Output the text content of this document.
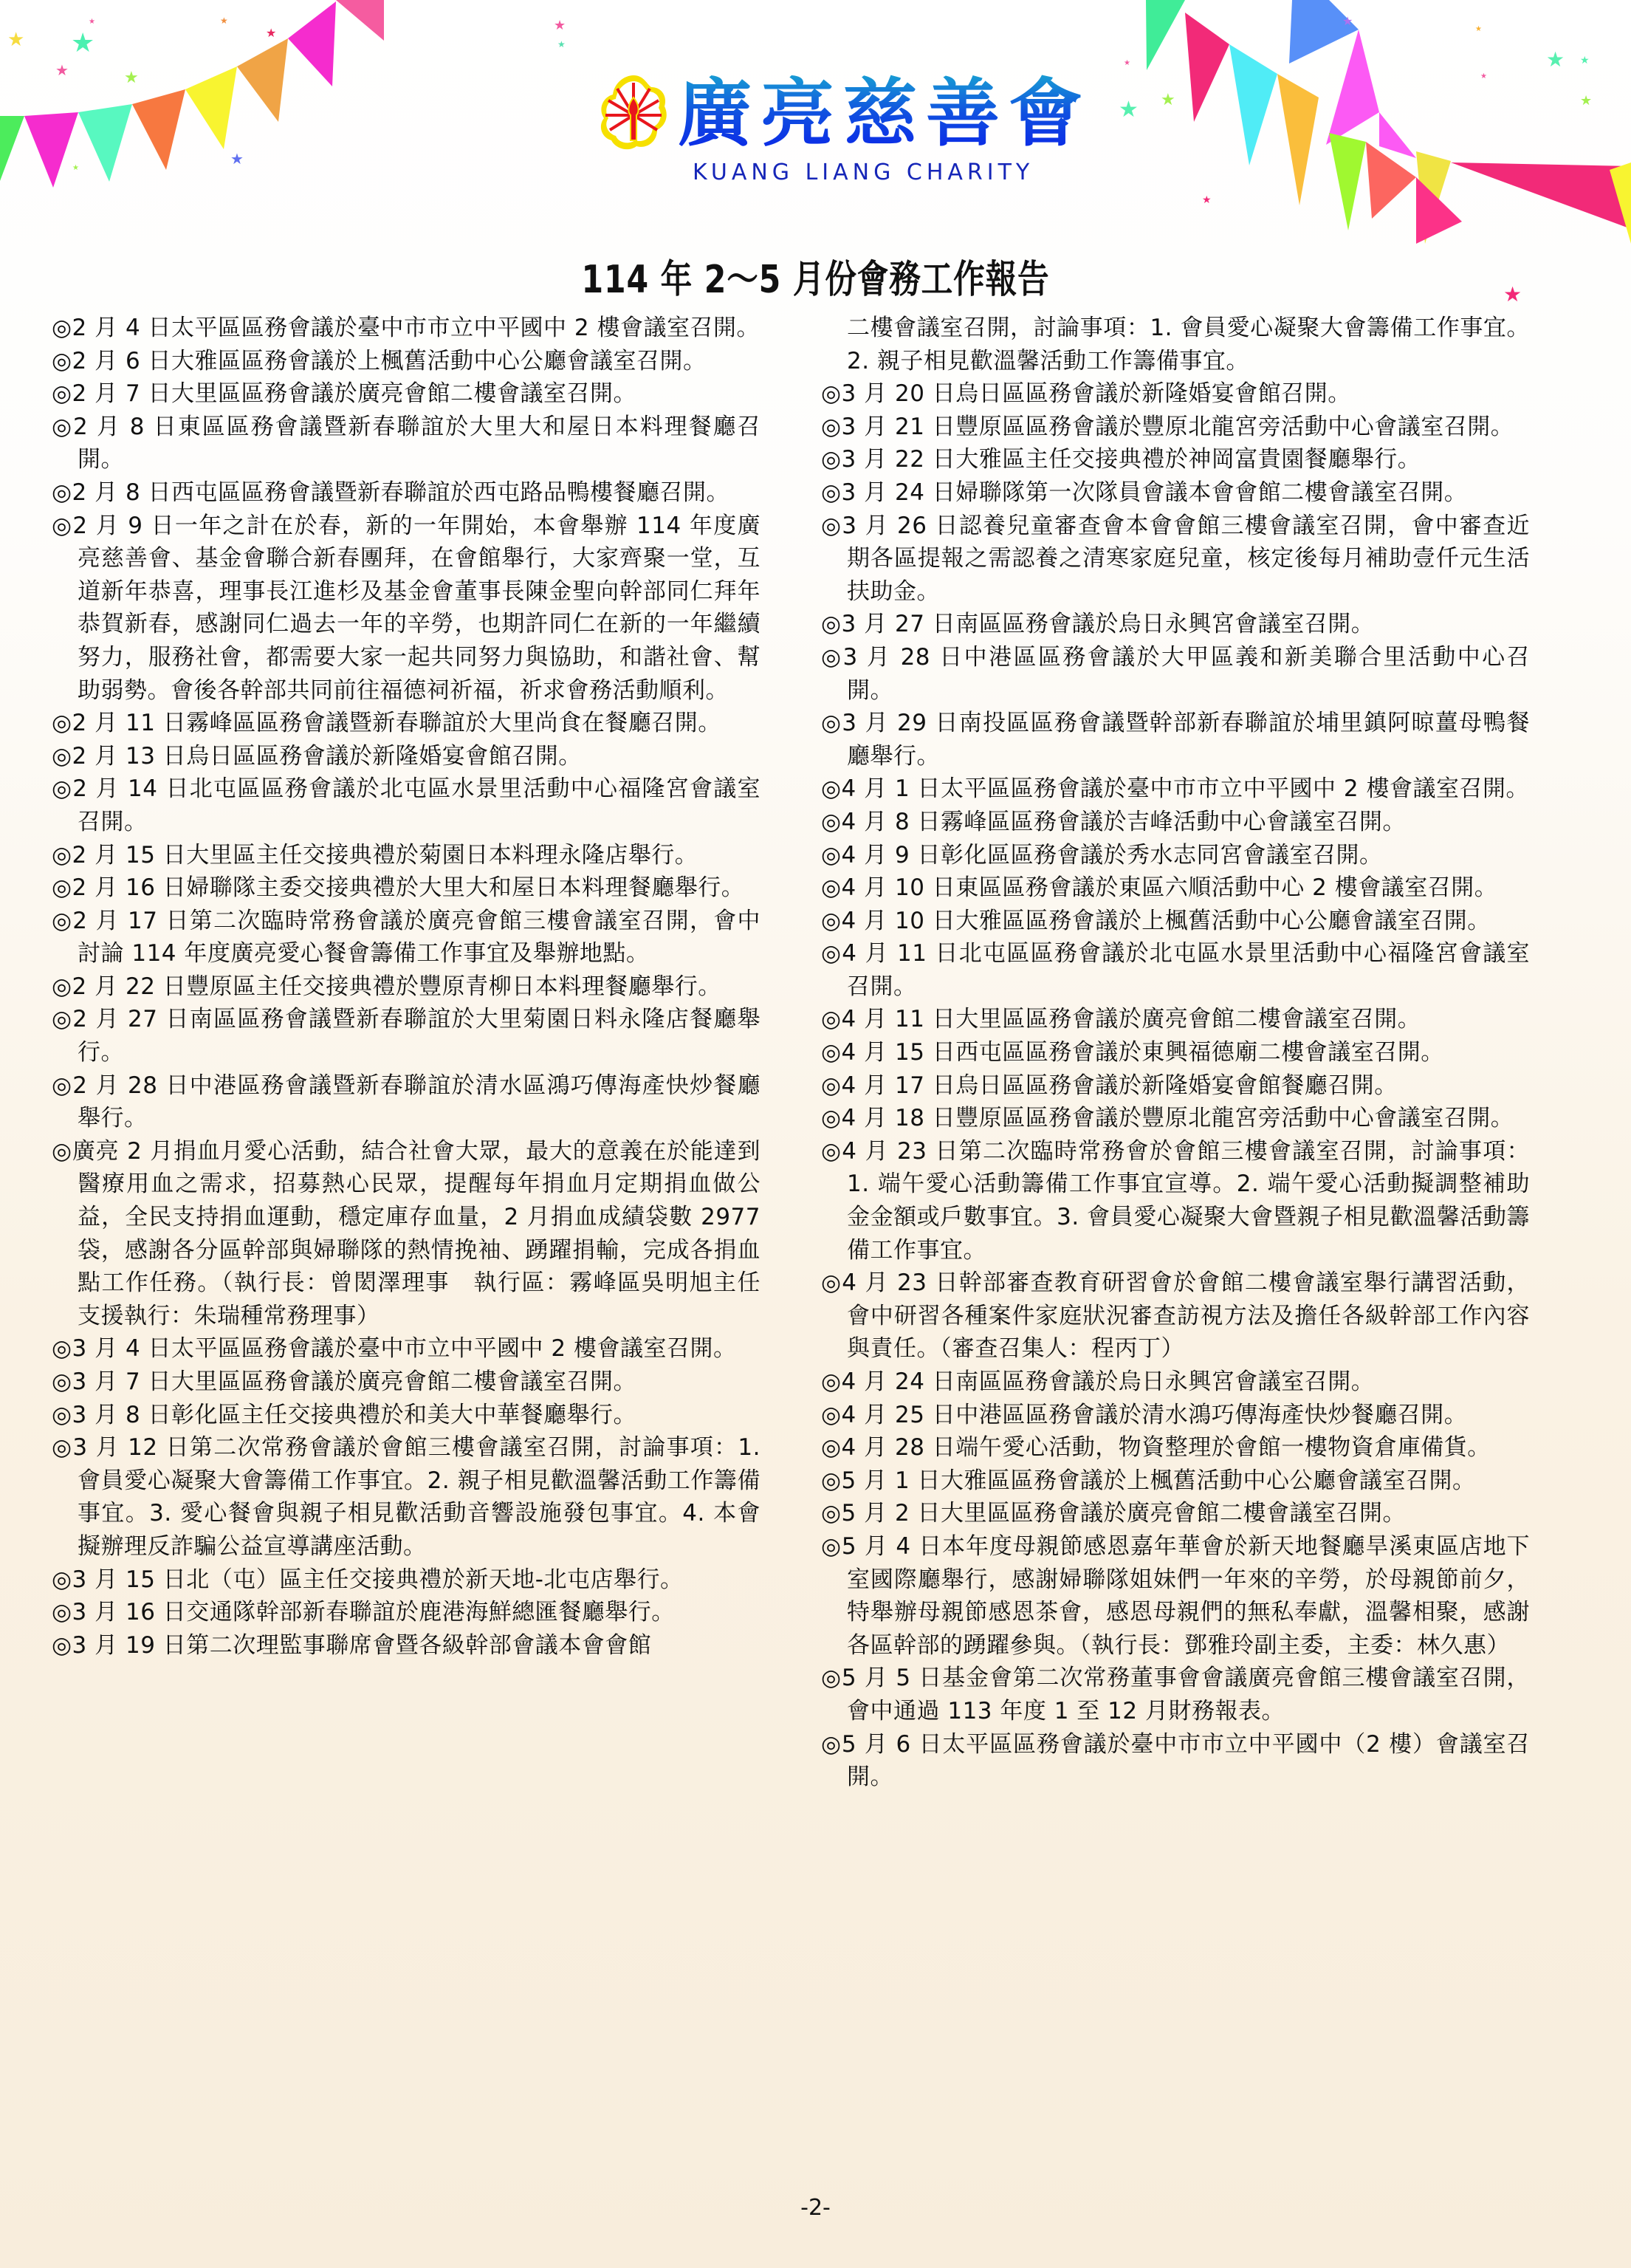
★ ★
★	★
★	★
★
★
★
★
★
★ ★
★
★
★
★ ★
★
★
★
★
廣亮慈善會
KUANG LIANG CHARITY
114 年 2～5 月份會務工作報告
◎2 月 4 日太平區區務會議於臺中市市立中平國中 2 樓會議室召開。
◎2 月 6 日大雅區區務會議於上楓舊活動中心公廳會議室召開。
◎2 月 7 日大里區區務會議於廣亮會館二樓會議室召開。
◎2 月 8 日東區區務會議暨新春聯誼於大里大和屋日本料理餐廳召開。
◎2 月 8 日西屯區區務會議暨新春聯誼於西屯路品鴨樓餐廳召開。
◎2 月 9 日一年之計在於春，新的一年開始，本會舉辦 114 年度廣亮慈善會、基金會聯合新春團拜，在會館舉行，大家齊聚一堂，互道新年恭喜，理事長江進杉及基金會董事長陳金聖向幹部同仁拜年恭賀新春，感謝同仁過去一年的辛勞，也期許同仁在新的一年繼續努力，服務社會，都需要大家一起共同努力與協助，和諧社會、幫助弱勢。會後各幹部共同前往福德祠祈福，祈求會務活動順利。
◎2 月 11 日霧峰區區務會議暨新春聯誼於大里尚食在餐廳召開。
◎2 月 13 日烏日區區務會議於新隆婚宴會館召開。
◎2 月 14 日北屯區區務會議於北屯區水景里活動中心福隆宮會議室召開。
◎2 月 15 日大里區主任交接典禮於菊園日本料理永隆店舉行。
◎2 月 16 日婦聯隊主委交接典禮於大里大和屋日本料理餐廳舉行。
◎2 月 17 日第二次臨時常務會議於廣亮會館三樓會議室召開，會中討論 114 年度廣亮愛心餐會籌備工作事宜及舉辦地點。
◎2 月 22 日豐原區主任交接典禮於豐原青柳日本料理餐廳舉行。
◎2 月 27 日南區區務會議暨新春聯誼於大里菊園日料永隆店餐廳舉行。
◎2 月 28 日中港區務會議暨新春聯誼於清水區鴻巧傳海產快炒餐廳舉行。
◎廣亮 2 月捐血月愛心活動，結合社會大眾，最大的意義在於能達到醫療用血之需求，招募熱心民眾，提醒每年捐血月定期捐血做公益，全民支持捐血運動，穩定庫存血量，2 月捐血成績袋數 2977 袋，感謝各分區幹部與婦聯隊的熱情挽袖、踴躍捐輸，完成各捐血點工作任務。（執行長：曾閎澤理事　執行區：霧峰區吳明旭主任　支援執行：朱瑞種常務理事）
◎3 月 4 日太平區區務會議於臺中市立中平國中 2 樓會議室召開。
◎3 月 7 日大里區區務會議於廣亮會館二樓會議室召開。
◎3 月 8 日彰化區主任交接典禮於和美大中華餐廳舉行。
◎3 月 12 日第二次常務會議於會館三樓會議室召開，討論事項：1. 會員愛心凝聚大會籌備工作事宜。2. 親子相見歡溫馨活動工作籌備事宜。3. 愛心餐會與親子相見歡活動音響設施發包事宜。4. 本會擬辦理反詐騙公益宣導講座活動。
◎3 月 15 日北（屯）區主任交接典禮於新天地-北屯店舉行。
◎3 月 16 日交通隊幹部新春聯誼於鹿港海鮮總匯餐廳舉行。
◎3 月 19 日第二次理監事聯席會暨各級幹部會議本會會館
二樓會議室召開，討論事項：1. 會員愛心凝聚大會籌備工作事宜。2. 親子相見歡溫馨活動工作籌備事宜。
◎3 月 20 日烏日區區務會議於新隆婚宴會館召開。
◎3 月 21 日豐原區區務會議於豐原北龍宮旁活動中心會議室召開。
◎3 月 22 日大雅區主任交接典禮於神岡富貴園餐廳舉行。
◎3 月 24 日婦聯隊第一次隊員會議本會會館二樓會議室召開。
◎3 月 26 日認養兒童審查會本會會館三樓會議室召開，會中審查近期各區提報之需認養之清寒家庭兒童，核定後每月補助壹仟元生活扶助金。
◎3 月 27 日南區區務會議於烏日永興宮會議室召開。
◎3 月 28 日中港區區務會議於大甲區義和新美聯合里活動中心召開。
◎3 月 29 日南投區區務會議暨幹部新春聯誼於埔里鎮阿晾薑母鴨餐廳舉行。
◎4 月 1 日太平區區務會議於臺中市市立中平國中 2 樓會議室召開。
◎4 月 8 日霧峰區區務會議於吉峰活動中心會議室召開。
◎4 月 9 日彰化區區務會議於秀水志同宮會議室召開。
◎4 月 10 日東區區務會議於東區六順活動中心 2 樓會議室召開。
◎4 月 10 日大雅區區務會議於上楓舊活動中心公廳會議室召開。
◎4 月 11 日北屯區區務會議於北屯區水景里活動中心福隆宮會議室召開。
◎4 月 11 日大里區區務會議於廣亮會館二樓會議室召開。
◎4 月 15 日西屯區區務會議於東興福德廟二樓會議室召開。
◎4 月 17 日烏日區區務會議於新隆婚宴會館餐廳召開。
◎4 月 18 日豐原區區務會議於豐原北龍宮旁活動中心會議室召開。
◎4 月 23 日第二次臨時常務會於會館三樓會議室召開，討論事項：1. 端午愛心活動籌備工作事宜宣導。2. 端午愛心活動擬調整補助金金額或戶數事宜。3. 會員愛心凝聚大會暨親子相見歡溫馨活動籌備工作事宜。
◎4 月 23 日幹部審查教育研習會於會館二樓會議室舉行講習活動，會中研習各種案件家庭狀況審查訪視方法及擔任各級幹部工作內容與責任。（審查召集人：程丙丁）
◎4 月 24 日南區區務會議於烏日永興宮會議室召開。
◎4 月 25 日中港區區務會議於清水鴻巧傳海產快炒餐廳召開。
◎4 月 28 日端午愛心活動，物資整理於會館一樓物資倉庫備貨。
◎5 月 1 日大雅區區務會議於上楓舊活動中心公廳會議室召開。
◎5 月 2 日大里區區務會議於廣亮會館二樓會議室召開。
◎5 月 4 日本年度母親節感恩嘉年華會於新天地餐廳旱溪東區店地下室國際廳舉行，感謝婦聯隊姐妹們一年來的辛勞，於母親節前夕，特舉辦母親節感恩茶會，感恩母親們的無私奉獻，溫馨相聚，感謝各區幹部的踴躍參與。（執行長：鄧雅玲副主委，主委：林久惠）
◎5 月 5 日基金會第二次常務董事會會議廣亮會館三樓會議室召開，會中通過 113 年度 1 至 12 月財務報表。
◎5 月 6 日太平區區務會議於臺中市市立中平國中（2 樓）會議室召開。
-2-
